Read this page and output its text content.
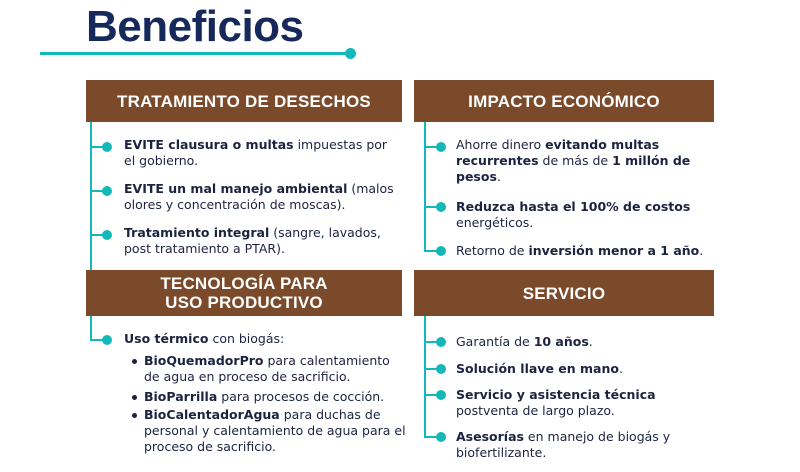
Beneficios
TRATAMIENTO DE DESECHOS
EVITE clausura o multas impuestas por el gobierno.
EVITE un mal manejo ambiental (malos olores y concentración de moscas).
Tratamiento integral (sangre, lavados, post tratamiento a PTAR).
IMPACTO ECONÓMICO
Ahorre dinero evitando multas recurrentes de más de 1 millón de pesos.
Reduzca hasta el 100% de costos energéticos.
Retorno de inversión menor a 1 año.
TECNOLOGÍA PARA
USO PRODUCTIVO
Uso térmico con biogás:
BioQuemadorPro para calentamiento de agua en proceso de sacrificio.
BioParrilla para procesos de cocción.
BioCalentadorAgua para duchas de personal y calentamiento de agua para el proceso de sacrificio.
SERVICIO
Garantía de 10 años.
Solución llave en mano.
Servicio y asistencia técnica postventa de largo plazo.
Asesorías en manejo de biogás y biofertilizante.
